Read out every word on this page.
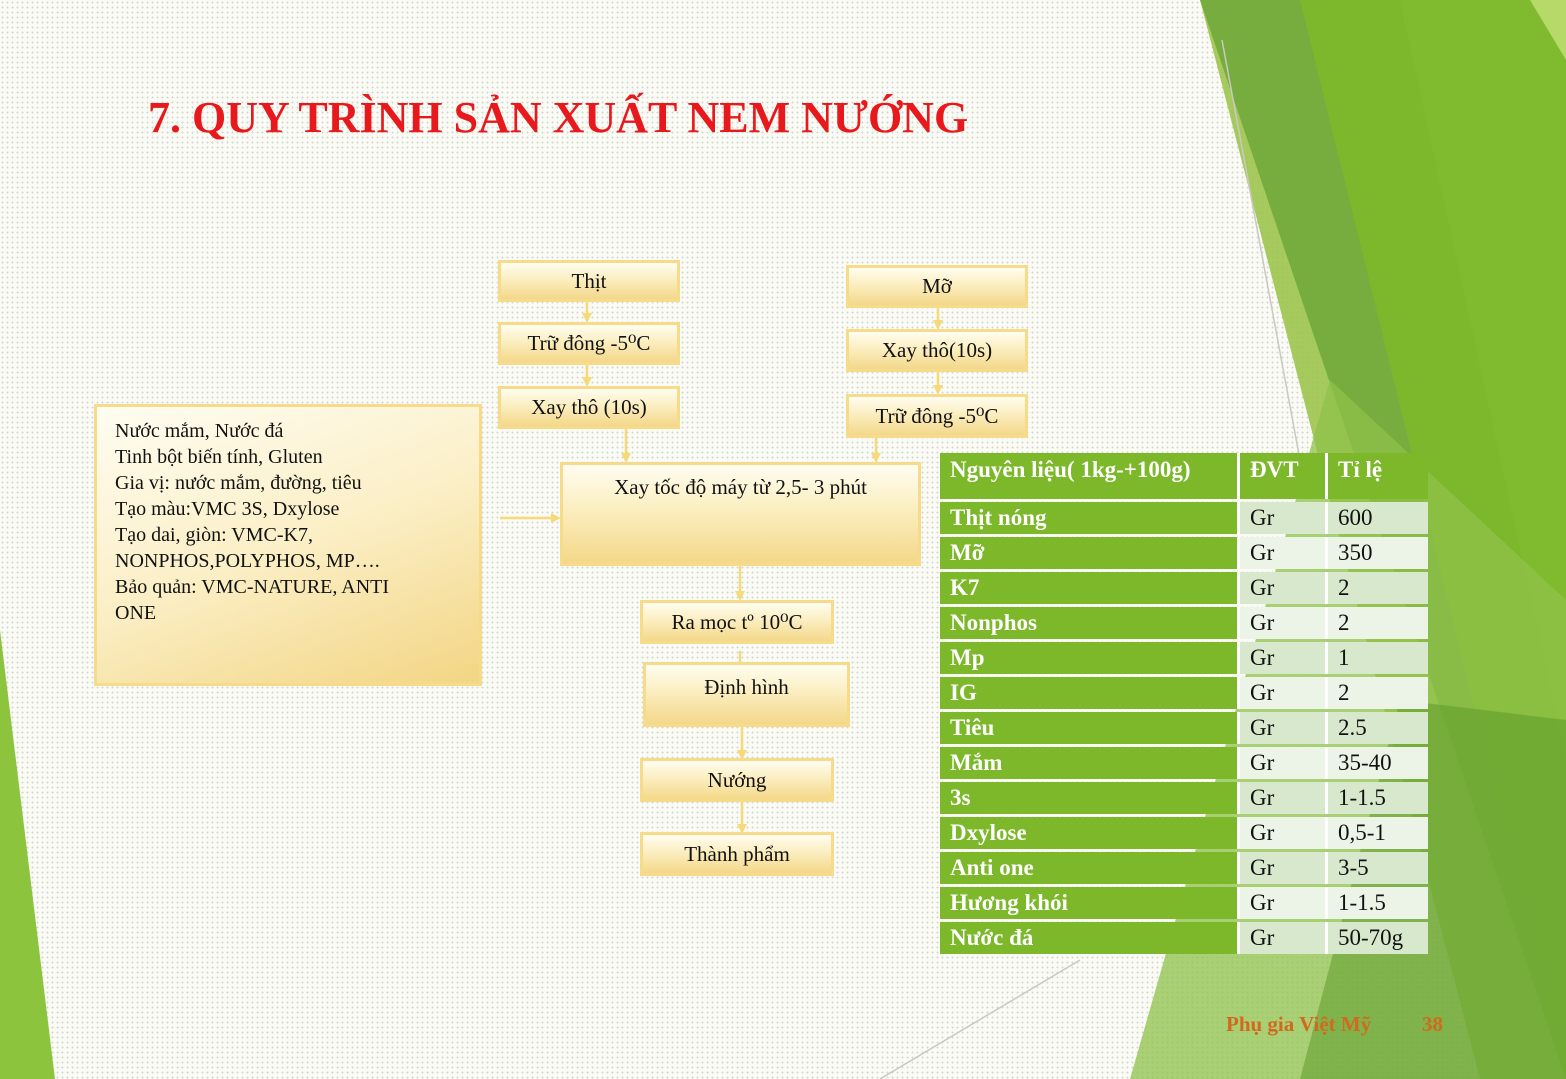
7. QUY TRÌNH SẢN XUẤT NEM NƯỚNG
Thịt
Trữ đông -5⁰C
Xay thô (10s)
Mỡ
Xay thô(10s)
Trữ đông -5⁰C
Xay tốc độ máy từ 2,5- 3 phút
Ra mọc tº 10⁰C
Định hình
Nướng
Thành phẩm
Nước mắm, Nước đá
Tinh bột biến tính, Gluten
Gia vị: nước mắm, đường, tiêu
Tạo màu:VMC 3S, Dxylose
Tạo dai, giòn: VMC-K7,
NONPHOS,POLYPHOS, MP….
Bảo quản: VMC-NATURE, ANTI
ONE
Nguyên liệu( 1kg-+100g)	ĐVT	Tỉ lệ
Thịt nóng	Gr	600
Mỡ	Gr	350
K7	Gr	2
Nonphos	Gr	2
Mp	Gr	1
IG	Gr	2
Tiêu	Gr	2.5
Mắm	Gr	35-40
3s	Gr	1-1.5
Dxylose	Gr	0,5-1
Anti one	Gr	3-5
Hương khói	Gr	1-1.5
Nước đá	Gr	50-70g
Phụ gia Việt Mỹ 38
